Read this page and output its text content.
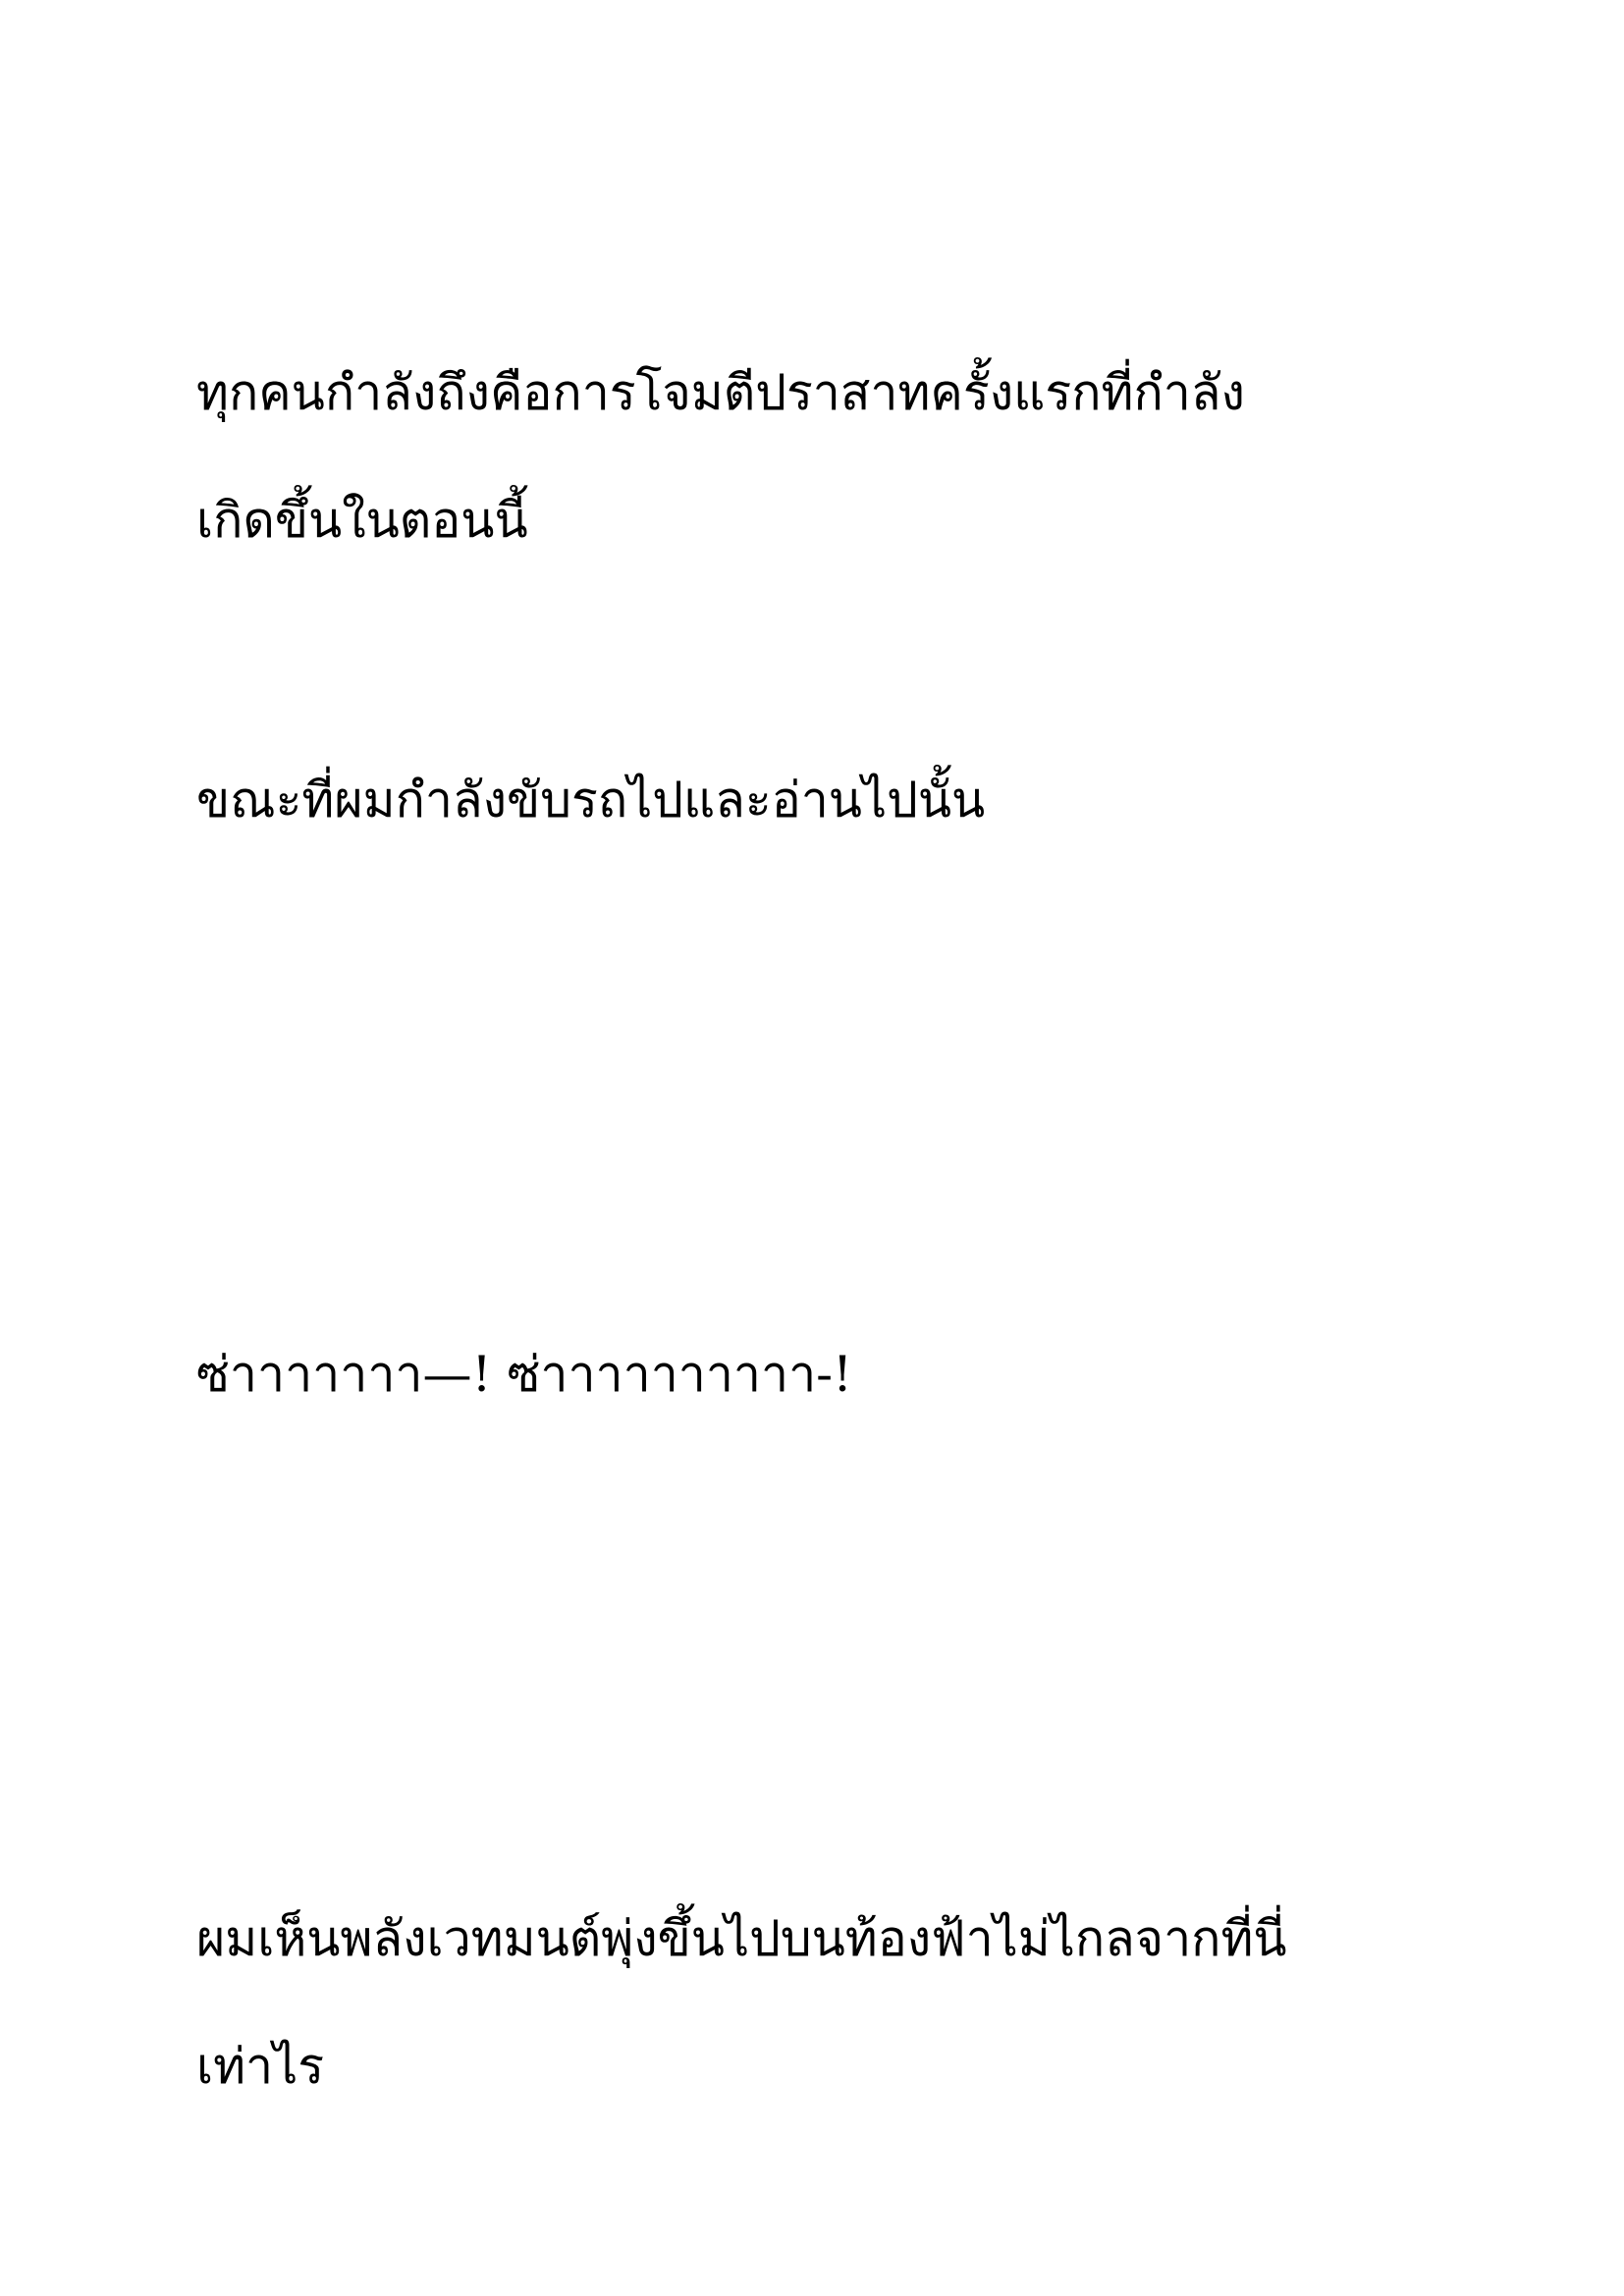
ทุกคนกำลังถึงคือการโจมตีปราสาทครั้งแรกที่กำลัง

เกิดขึ้นในตอนนี้

ขณะที่ผมกำลังขับรถไปและอ่านไปนั้น

ซ่าาาาาาา—! ซ่าาาาาาาาาา-!

ผมเห็นพลังเวทมนต์พุ่งขึ้นไปบนท้องฟ้าไม่ไกลจากที่นี่

เท่าไร
